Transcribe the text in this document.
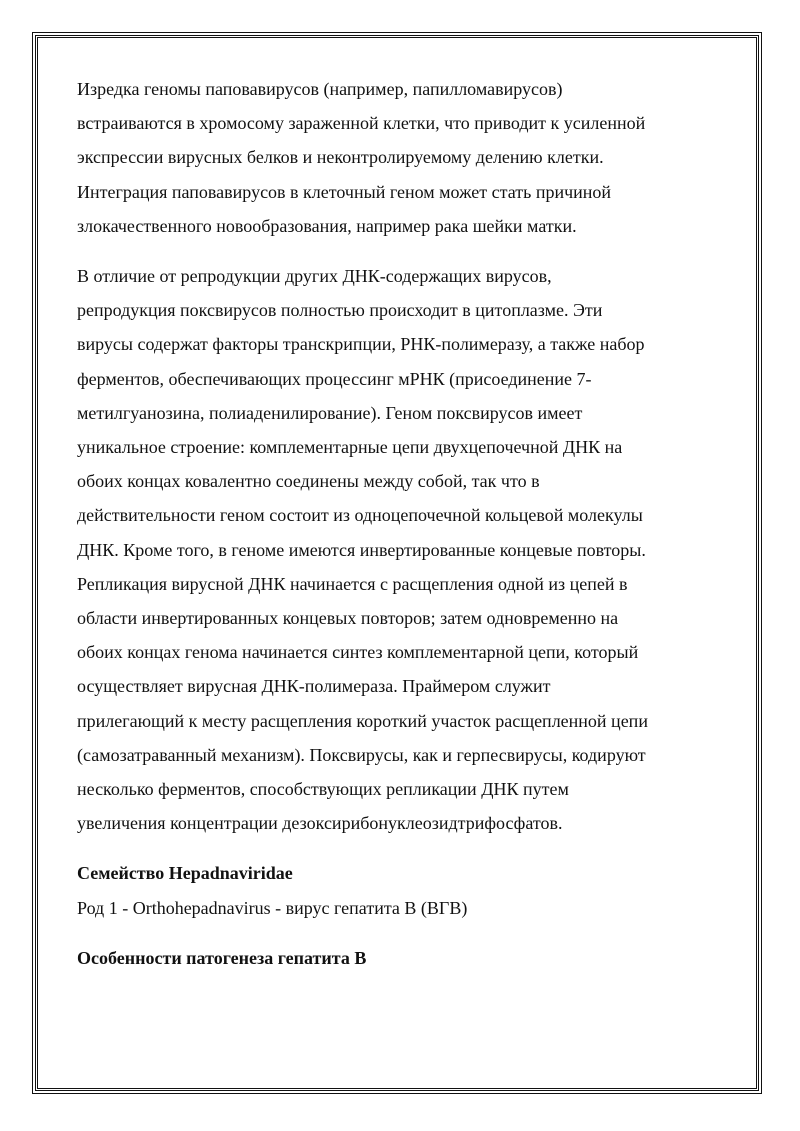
Изредка геномы паповавирусов (например, папилломавирусов)
встраиваются в хромосому зараженной клетки, что приводит к усиленной
экспрессии вирусных белков и неконтролируемому делению клетки.
Интеграция паповавирусов в клеточный геном может стать причиной
злокачественного новообразования, например рака шейки матки.

В отличие от репродукции других ДНК-содержащих вирусов,
репродукция поксвирусов полностью происходит в цитоплазме. Эти
вирусы содержат факторы транскрипции, РНК-полимеразу, а также набор
ферментов, обеспечивающих процессинг мРНК (присоединение 7-
метилгуанозина, полиаденилирование). Геном поксвирусов имеет
уникальное строение: комплементарные цепи двухцепочечной ДНК на
обоих концах ковалентно соединены между собой, так что в
действительности геном состоит из одноцепочечной кольцевой молекулы
ДНК. Кроме того, в геноме имеются инвертированные концевые повторы.
Репликация вирусной ДНК начинается с расщепления одной из цепей в
области инвертированных концевых повторов; затем одновременно на
обоих концах генома начинается синтез комплементарной цепи, который
осуществляет вирусная ДНК-полимераза. Праймером служит
прилегающий к месту расщепления короткий участок расщепленной цепи
(самозатраванный механизм). Поксвирусы, как и герпесвирусы, кодируют
несколько ферментов, способствующих репликации ДНК путем
увеличения концентрации дезоксирибонуклеозидтрифосфатов.

Семейство Hepadnaviridae

Род 1 - Orthohepadnavirus - вирус гепатита В (ВГВ)

Особенности патогенеза гепатита В
